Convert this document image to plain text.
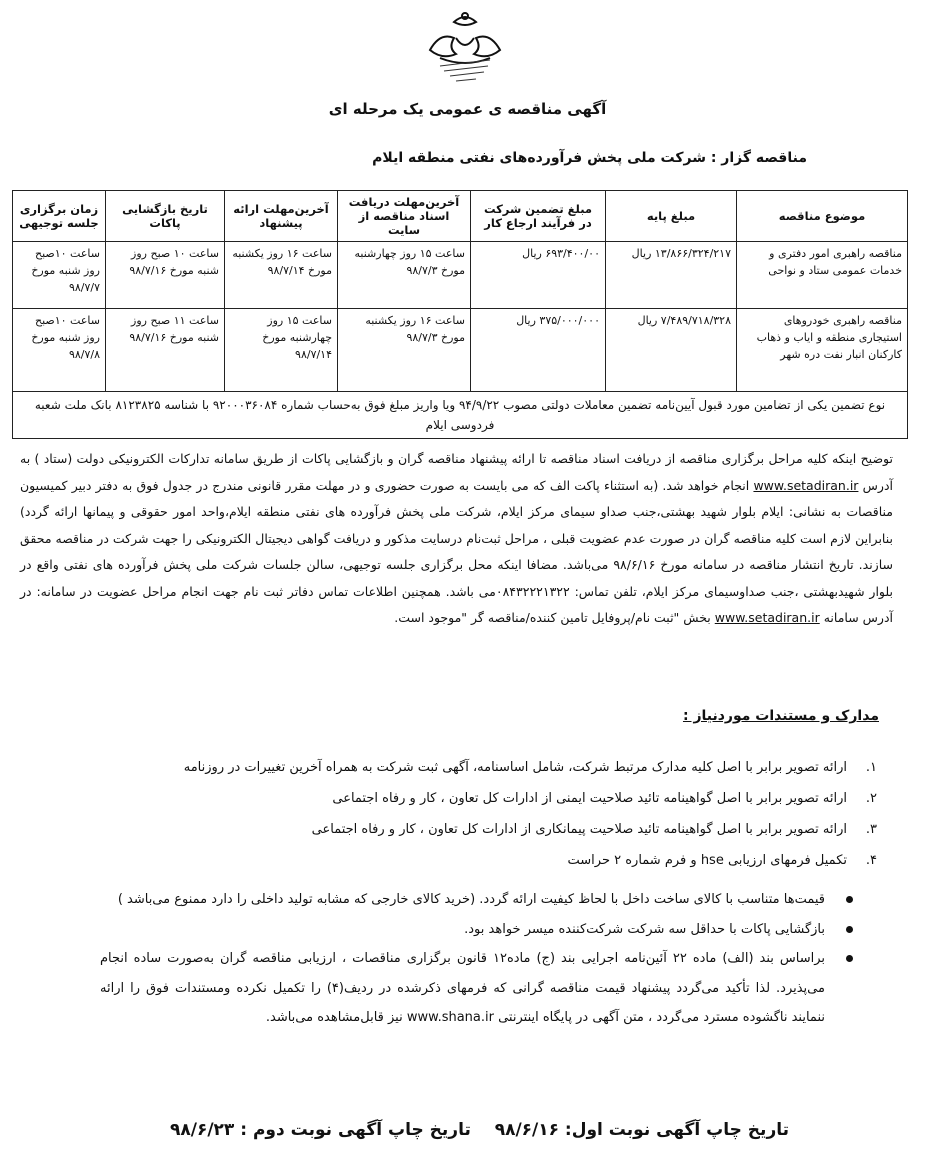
آگهی مناقصه ی عمومی یک مرحله ای
مناقصه گزار : شرکت ملی پخش فرآورده‌های نفتی منطقه ایلام
موضوع مناقصه	مبلغ پایه	مبلغ تضمین شرکت در فرآیند ارجاع کار	آخرین‌مهلت دریافت اسناد مناقصه از سایت	آخرین‌مهلت ارائه پیشنهاد	تاریخ بازگشایی پاکات	زمان برگزاری جلسه توجیهی
مناقصه راهبری امور دفتری و خدمات عمومی ستاد و نواحی	۱۳/۸۶۶/۳۲۴/۲۱۷ ریال	۶۹۳/۴۰۰/۰۰ ریال	ساعت ۱۵ روز چهارشنبه مورخ ۹۸/۷/۳	ساعت ۱۶ روز یکشنبه مورخ ۹۸/۷/۱۴	ساعت ۱۰ صبح روز شنبه مورخ ۹۸/۷/۱۶	ساعت ۱۰صبح روز شنبه مورخ ۹۸/۷/۷
مناقصه راهبری خودروهای استیجاری منطقه و ایاب و ذهاب کارکنان انبار نفت دره شهر	۷/۴۸۹/۷۱۸/۳۲۸ ریال	۳۷۵/۰۰۰/۰۰۰ ریال	ساعت ۱۶ روز یکشنبه مورخ ۹۸/۷/۳	ساعت ۱۵ روز چهارشنبه مورخ ۹۸/۷/۱۴	ساعت ۱۱ صبح روز شنبه مورخ ۹۸/۷/۱۶	ساعت ۱۰صبح روز شنبه مورخ ۹۸/۷/۸
نوع تضمین یکی از تضامین مورد قبول آیین‌نامه تضمین معاملات دولتی مصوب ۹۴/۹/۲۲ ویا واریز مبلغ فوق به‌حساب شماره ۹۲۰۰۰۳۶۰۸۴ با شناسه ۸۱۲۳۸۲۵ بانک ملت شعبه فردوسی ایلام						
توضیح اینکه کلیه مراحل برگزاری مناقصه از دریافت اسناد مناقصه تا ارائه پیشنهاد مناقصه گران و بازگشایی پاکات از طریق سامانه تدارکات الکترونیکی دولت (ستاد ) به آدرس www.setadiran.ir انجام خواهد شد. (به استثناء پاکت الف که می بایست به صورت حضوری و در مهلت مقرر قانونی مندرج در جدول فوق به دفتر دبیر کمیسیون مناقصات به نشانی: ایلام بلوار شهید بهشتی،جنب صداو سیمای مرکز ایلام، شرکت ملی پخش فرآورده های نفتی منطقه ایلام،واحد امور حقوقی و پیمانها ارائه گردد) بنابراین لازم است کلیه مناقصه گران در صورت عدم عضویت قبلی ، مراحل ثبت‌نام درسایت مذکور و دریافت گواهی دیجیتال الکترونیکی را جهت شرکت در مناقصه محقق سازند. تاریخ انتشار مناقصه در سامانه مورخ ۹۸/۶/۱۶ می‌باشد. مضافا اینکه محل برگزاری جلسه توجیهی، سالن جلسات شرکت ملی پخش فرآورده های نفتی واقع در بلوار شهیدبهشتی ،جنب صداوسیمای مرکز ایلام، تلفن تماس: ۰۸۴۳۲۲۲۱۳۲۲می باشد. همچنین اطلاعات تماس دفاتر ثبت نام جهت انجام مراحل عضویت در سامانه: در آدرس سامانه www.setadiran.ir بخش "ثبت نام/پروفایل تامین کننده/مناقصه گر "موجود است.
مدارک و مستندات موردنیاز :
۱.
ارائه تصویر برابر با اصل کلیه مدارک مرتبط شرکت، شامل اساسنامه، آگهی ثبت شرکت به همراه آخرین تغییرات در روزنامه
۲.
ارائه تصویر برابر با اصل گواهینامه تائید صلاحیت ایمنی از ادارات کل تعاون ، کار و رفاه اجتماعی
۳.
ارائه تصویر برابر با اصل گواهینامه تائید صلاحیت پیمانکاری از ادارات کل تعاون ، کار و رفاه اجتماعی
۴.
تکمیل فرمهای ارزیابی hse و فرم شماره ۲ حراست
قیمت‌ها متناسب با کالای ساخت داخل با لحاظ کیفیت ارائه گردد. (خرید کالای خارجی که مشابه تولید داخلی را دارد ممنوع می‌باشد )
بازگشایی پاکات با حداقل سه شرکت شرکت‌کننده میسر خواهد بود.
براساس بند (الف) ماده ۲۲ آئین‌نامه اجرایی بند (ج) ماده۱۲ قانون برگزاری مناقصات ، ارزیابی مناقصه گران به‌صورت ساده انجام می‌پذیرد. لذا تأکید می‌گردد پیشنهاد قیمت مناقصه گرانی که فرمهای ذکرشده در ردیف(۴) را تکمیل نکرده ومستندات فوق را ارائه ننمایند ناگشوده مسترد می‌گردد ، متن آگهی در پایگاه اینترنتی www.shana.ir نیز قابل‌مشاهده می‌باشد.
تاریخ چاپ آگهی نوبت اول: ۹۸/۶/۱۶
تاریخ چاپ آگهی نوبت دوم : ۹۸/۶/۲۳
